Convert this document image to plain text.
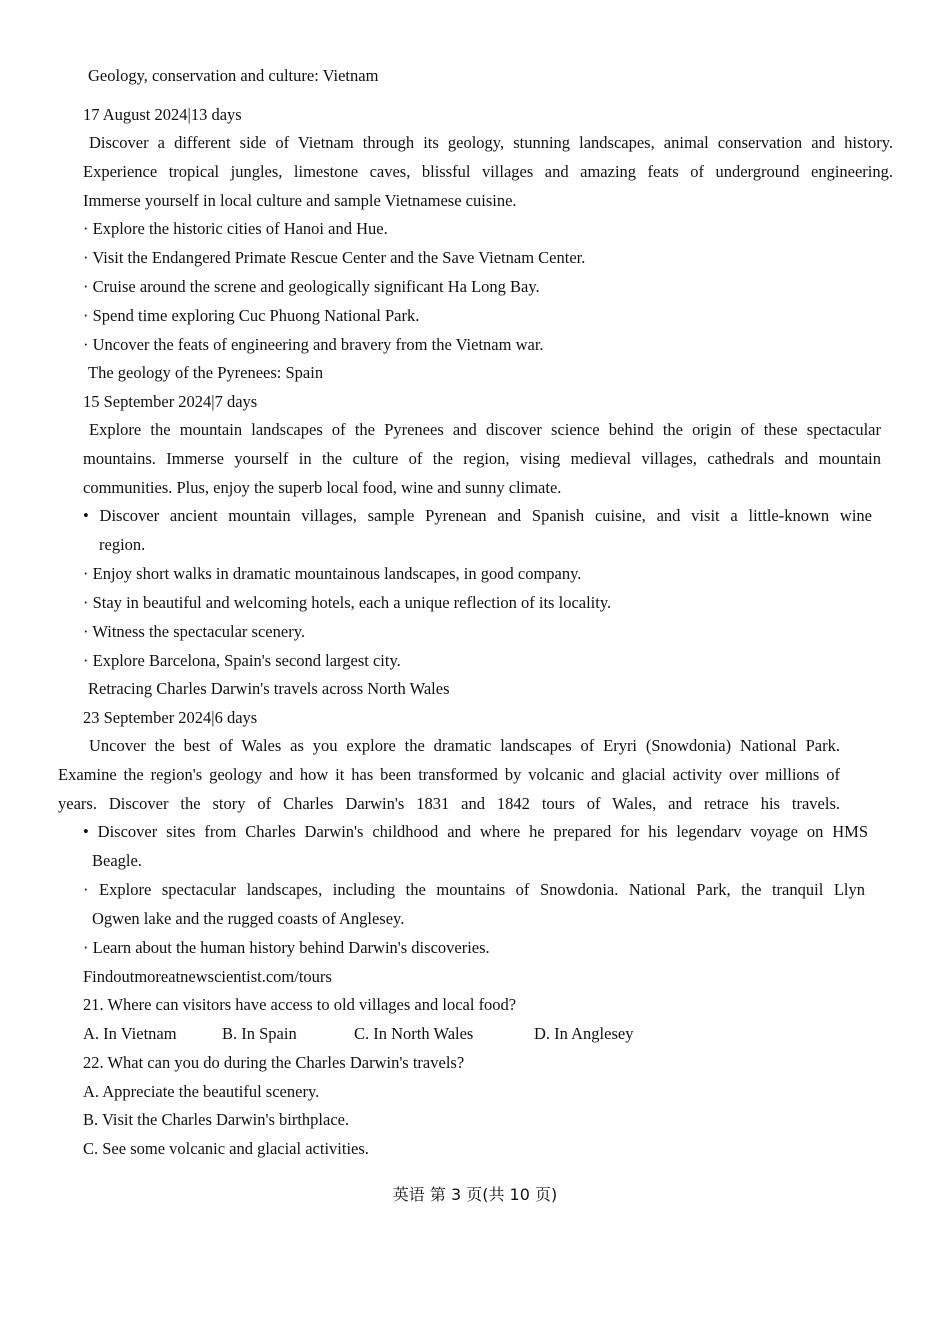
Geology, conservation and culture: Vietnam
17 August 2024|13 days
Discover a different side of Vietnam through its geology, stunning landscapes, animal conservation and history.
Experience tropical jungles, limestone caves, blissful villages and amazing feats of underground engineering.
Immerse yourself in local culture and sample Vietnamese cuisine.
· Explore the historic cities of Hanoi and Hue.
· Visit the Endangered Primate Rescue Center and the Save Vietnam Center.
· Cruise around the screne and geologically significant Ha Long Bay.
· Spend time exploring Cuc Phuong National Park.
· Uncover the feats of engineering and bravery from the Vietnam war.
The geology of the Pyrenees: Spain
15 September 2024|7 days
Explore the mountain landscapes of the Pyrenees and discover science behind the origin of these spectacular
mountains. Immerse yourself in the culture of the region, vising medieval villages, cathedrals and mountain
communities. Plus, enjoy the superb local food, wine and sunny climate.
• Discover ancient mountain villages, sample Pyrenean and Spanish cuisine, and visit a little-known wine
region.
· Enjoy short walks in dramatic mountainous landscapes, in good company.
· Stay in beautiful and welcoming hotels, each a unique reflection of its locality.
· Witness the spectacular scenery.
· Explore Barcelona, Spain's second largest city.
Retracing Charles Darwin's travels across North Wales
23 September 2024|6 days
Uncover the best of Wales as you explore the dramatic landscapes of Eryri (Snowdonia) National Park.
Examine the region's geology and how it has been transformed by volcanic and glacial activity over millions of
years. Discover the story of Charles Darwin's 1831 and 1842 tours of Wales, and retrace his travels.
• Discover sites from Charles Darwin's childhood and where he prepared for his legendarv voyage on HMS
Beagle.
· Explore spectacular landscapes, including the mountains of Snowdonia. National Park, the tranquil Llyn
Ogwen lake and the rugged coasts of Anglesey.
· Learn about the human history behind Darwin's discoveries.
Findoutmoreatnewscientist.com/tours
21. Where can visitors have access to old villages and local food?
A. In Vietnam	B. In Spain	C. In North Wales	D. In Anglesey
22. What can you do during the Charles Darwin's travels?
A. Appreciate the beautiful scenery.
B. Visit the Charles Darwin's birthplace.
C. See some volcanic and glacial activities.
英语 第 3 页(共 10 页)
